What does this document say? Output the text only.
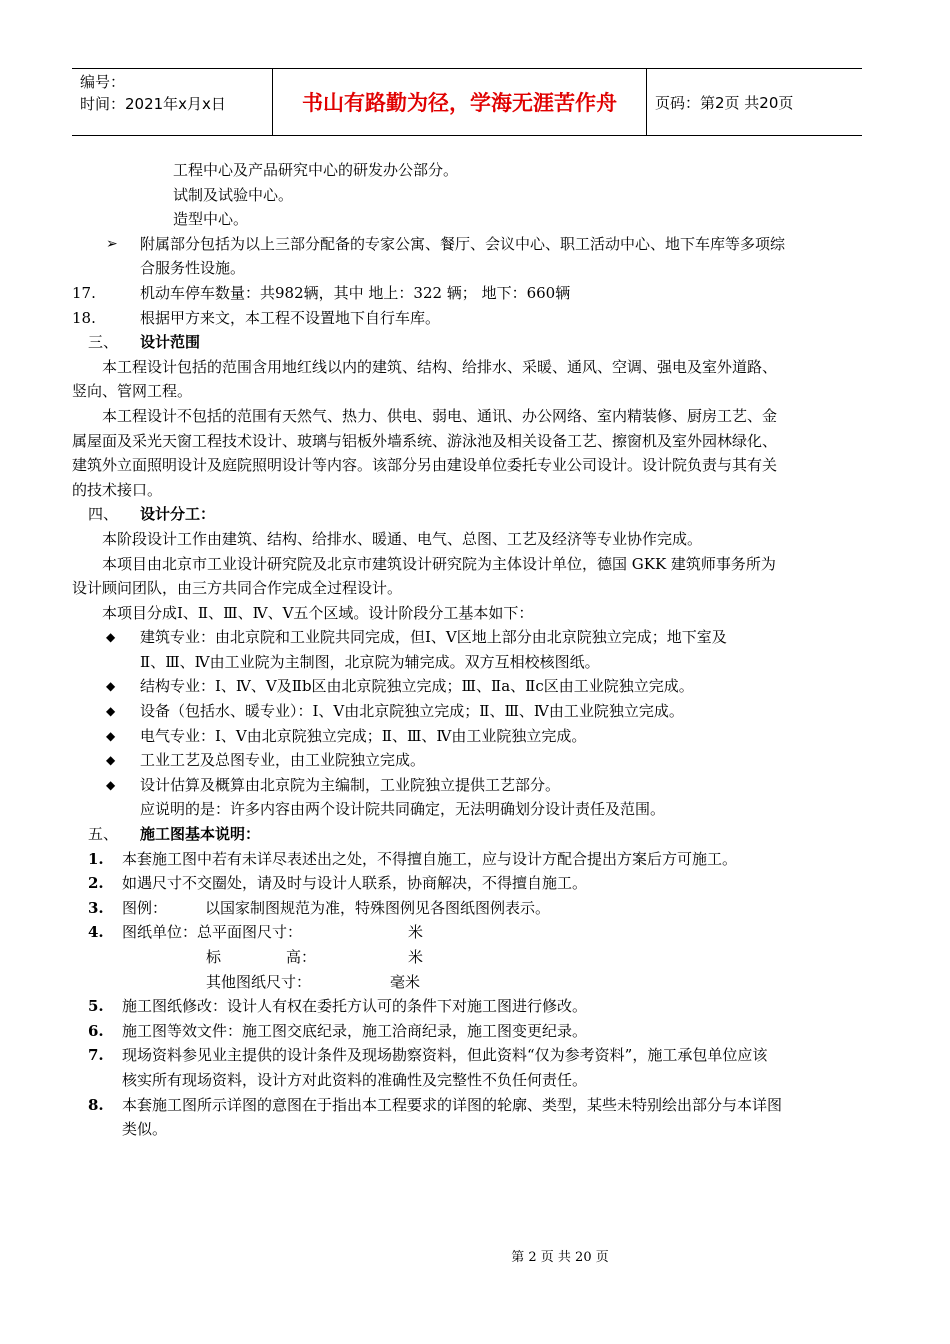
编号：
时间：2021年x月x日	书山有路勤为径，学海无涯苦作舟	页码：第2页 共20页
工程中心及产品研究中心的研发办公部分。
试制及试验中心。
造型中心。
➢ 附属部分包括为以上三部分配备的专家公寓、餐厅、会议中心、职工活动中心、地下车库等多项综
合服务性设施。
17.	机动车停车数量：共982辆，其中 地上：322 辆； 地下：660辆
18.	根据甲方来文，本工程不设置地下自行车库。
三、 设计范围
本工程设计包括的范围含用地红线以内的建筑、结构、给排水、采暖、通风、空调、强电及室外道路、
竖向、管网工程。
本工程设计不包括的范围有天然气、热力、供电、弱电、通讯、办公网络、室内精装修、厨房工艺、金
属屋面及采光天窗工程技术设计、玻璃与铝板外墙系统、游泳池及相关设备工艺、擦窗机及室外园林绿化、
建筑外立面照明设计及庭院照明设计等内容。该部分另由建设单位委托专业公司设计。设计院负责与其有关
的技术接口。
四、 设计分工：
本阶段设计工作由建筑、结构、给排水、暖通、电气、总图、工艺及经济等专业协作完成。
本项目由北京市工业设计研究院及北京市建筑设计研究院为主体设计单位，德国 GKK 建筑师事务所为
设计顾问团队，由三方共同合作完成全过程设计。
本项目分成Ⅰ、Ⅱ、Ⅲ、Ⅳ、Ⅴ五个区域。设计阶段分工基本如下：
◆ 建筑专业：由北京院和工业院共同完成，但Ⅰ、Ⅴ区地上部分由北京院独立完成；地下室及
Ⅱ、Ⅲ、Ⅳ由工业院为主制图，北京院为辅完成。双方互相校核图纸。
◆ 结构专业：Ⅰ、Ⅳ、Ⅴ及Ⅱb区由北京院独立完成；Ⅲ、Ⅱa、Ⅱc区由工业院独立完成。
◆ 设备（包括水、暖专业）：Ⅰ、Ⅴ由北京院独立完成；Ⅱ、Ⅲ、Ⅳ由工业院独立完成。
◆ 电气专业：Ⅰ、Ⅴ由北京院独立完成；Ⅱ、Ⅲ、Ⅳ由工业院独立完成。
◆ 工业工艺及总图专业，由工业院独立完成。
◆ 设计估算及概算由北京院为主编制，工业院独立提供工艺部分。
应说明的是：许多内容由两个设计院共同确定，无法明确划分设计责任及范围。
五、 施工图基本说明：
1. 本套施工图中若有未详尽表述出之处，不得擅自施工，应与设计方配合提出方案后方可施工。
2. 如遇尺寸不交圈处，请及时与设计人联系，协商解决，不得擅自施工。
3. 图例：	以国家制图规范为准，特殊图例见各图纸图例表示。
4. 图纸单位：总平面图尺寸：	米
标	高：	米
其他图纸尺寸：	毫米
5. 施工图纸修改：设计人有权在委托方认可的条件下对施工图进行修改。
6. 施工图等效文件：施工图交底纪录，施工洽商纪录，施工图变更纪录。
7. 现场资料参见业主提供的设计条件及现场勘察资料，但此资料“仅为参考资料”，施工承包单位应该
核实所有现场资料，设计方对此资料的准确性及完整性不负任何责任。
8. 本套施工图所示详图的意图在于指出本工程要求的详图的轮廓、类型，某些未特别绘出部分与本详图
类似。
第 2 页 共 20 页
